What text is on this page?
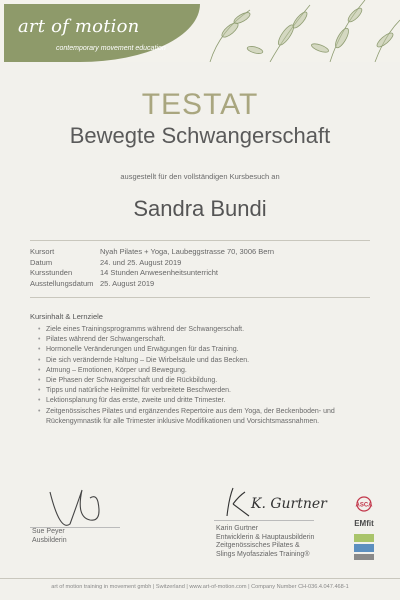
art of motion
contemporary movement education
TESTAT
Bewegte Schwangerschaft
ausgestellt für den vollständigen Kursbesuch an
Sandra Bundi
Kursort	Nyah Pilates + Yoga, Laubeggstrasse 70, 3006 Bern
Datum	24. und 25. August 2019
Kursstunden	14 Stunden Anwesenheitsunterricht
Ausstellungsdatum 25. August 2019
Kursinhalt & Lernziele
• Ziele eines Trainingsprogramms während der Schwangerschaft.
• Pilates während der Schwangerschaft.
• Hormonelle Veränderungen und Erwägungen für das Training.
• Die sich verändernde Haltung – Die Wirbelsäule und das Becken.
• Atmung – Emotionen, Körper und Bewegung.
• Die Phasen der Schwangerschaft und die Rückbildung.
• Tipps und natürliche Heilmittel für verbreitete Beschwerden.
• Lektionsplanung für das erste, zweite und dritte Trimester.
• Zeitgenössisches Pilates und ergänzendes Repertoire aus dem Yoga, der Beckenboden- und Rückengymnastik für alle Trimester inklusive Modifikationen und Vorsichtsmassnahmen.
Sue Peyer
Ausbilderin
K. Gurtner
Karin Gurtner
Entwicklerin & Hauptausbilderin
Zeitgenössisches Pilates &
Slings Myofasziales Training®
ASCA
EMfit
art of motion training in movement gmbh | Switzerland | www.art-of-motion.com | Company Number CH-036.4.047.468-1
